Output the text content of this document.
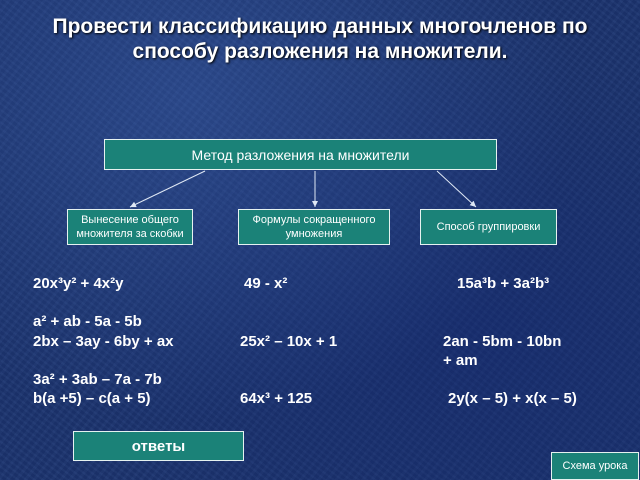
Провести классификацию данных многочленов по способу разложения на множители.
Метод разложения на множители
Вынесение общего множителя за скобки
Формулы сокращенного умножения
Способ группировки
20x³y² + 4x²y	49 - x²	15a³b + 3a²b³
a² + ab - 5a - 5b
2bx – 3ay - 6by + ax	25x² – 10x + 1	2an - 5bm - 10bn + am
3a² + 3ab – 7a - 7b
b(a +5) – c(a + 5)	64x³ + 125	2y(x – 5) + x(x – 5)
ответы
Схема урока
